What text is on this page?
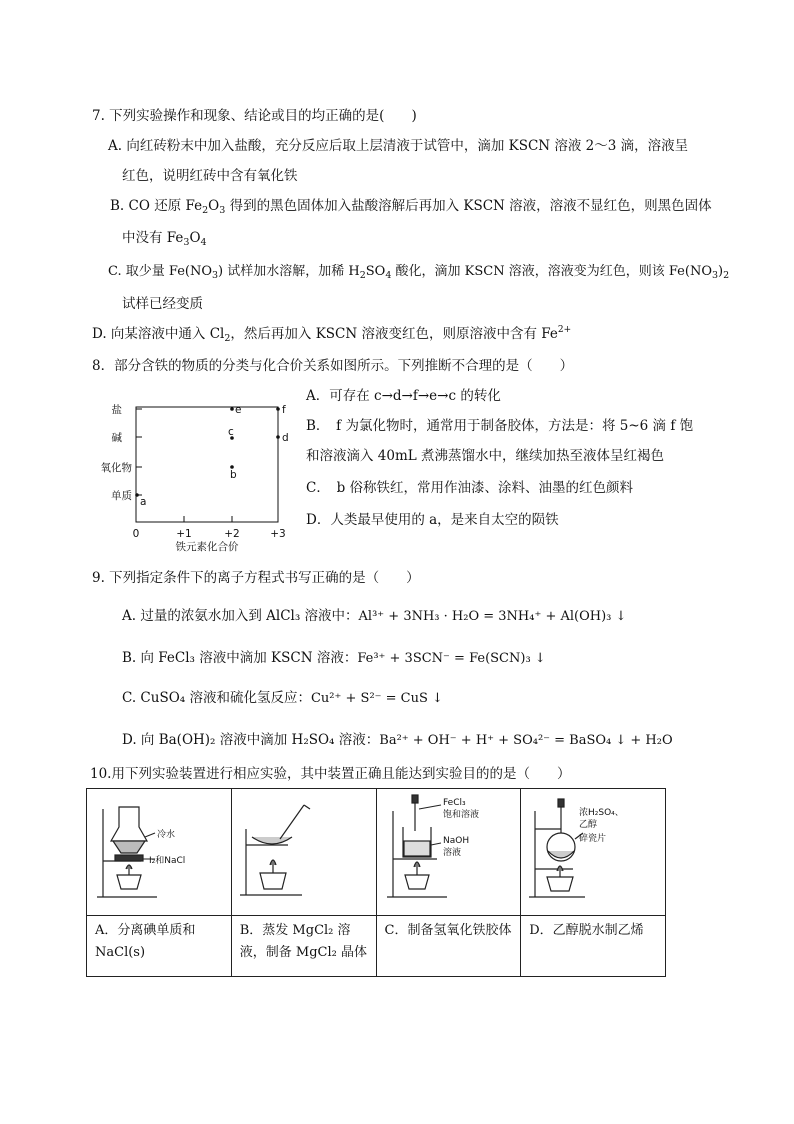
7. 下列实验操作和现象、结论或目的均正确的是(　　)
A. 向红砖粉末中加入盐酸，充分反应后取上层清液于试管中，滴加 KSCN 溶液 2～3 滴，溶液呈
红色，说明红砖中含有氧化铁
B. CO 还原 $Fe_2O_3$ 得到的黑色固体加入盐酸溶解后再加入 KSCN 溶液，溶液不显红色，则黑色固体
中没有 $Fe_3O_4$
C. 取少量 $Fe(NO_3)$ 试样加水溶解，加稀 $H_2SO_4$ 酸化，滴加 KSCN 溶液，溶液变为红色，则该 $Fe(NO_3)_2$
试样已经变质
D. 向某溶液中通入 $Cl_2$，然后再加入 KSCN 溶液变红色，则原溶液中含有 $Fe^{2+}$
8．部分含铁的物质的分类与化合价关系如图所示。下列推断不合理的是（　　）
盐
碱
氧化物
单质
0	+1	+2	+3
铁元素化合价
a
b
c	d
e	f
A．可存在 c→d→f→e→c 的转化
B．　f 为氯化物时，通常用于制备胶体，方法是：将 5~6 滴 f 饱
和溶液滴入 40mL 煮沸蒸馏水中，继续加热至液体呈红褐色
C．　b 俗称铁红，常用作油漆、涂料、油墨的红色颜料
D．人类最早使用的 a，是来自太空的陨铁
9. 下列指定条件下的离子方程式书写正确的是（　　）
A. 过量的浓氨水加入到 AlCl₃ 溶液中：Al³⁺ + 3NH₃ · H₂O = 3NH₄⁺ + Al(OH)₃ ↓
B. 向 FeCl₃ 溶液中滴加 KSCN 溶液：Fe³⁺ + 3SCN⁻ = Fe(SCN)₃ ↓
C. CuSO₄ 溶液和硫化氢反应：Cu²⁺ + S²⁻ = CuS ↓
D. 向 Ba(OH)₂ 溶液中滴加 H₂SO₄ 溶液：Ba²⁺ + OH⁻ + H⁺ + SO₄²⁻ = BaSO₄ ↓ + H₂O
10.用下列实验装置进行相应实验，其中装置正确且能达到实验目的的是（　　）
冷水
I₂和NaCl		FeCl₃
饱和溶液
NaOH
溶液	浓H₂SO₄、
乙醇
碎瓷片

A．分离碘单质和 NaCl(s)	B．蒸发 MgCl₂ 溶液，制备 MgCl₂ 晶体	C．制备氢氧化铁胶体	D．乙醇脱水制乙烯
